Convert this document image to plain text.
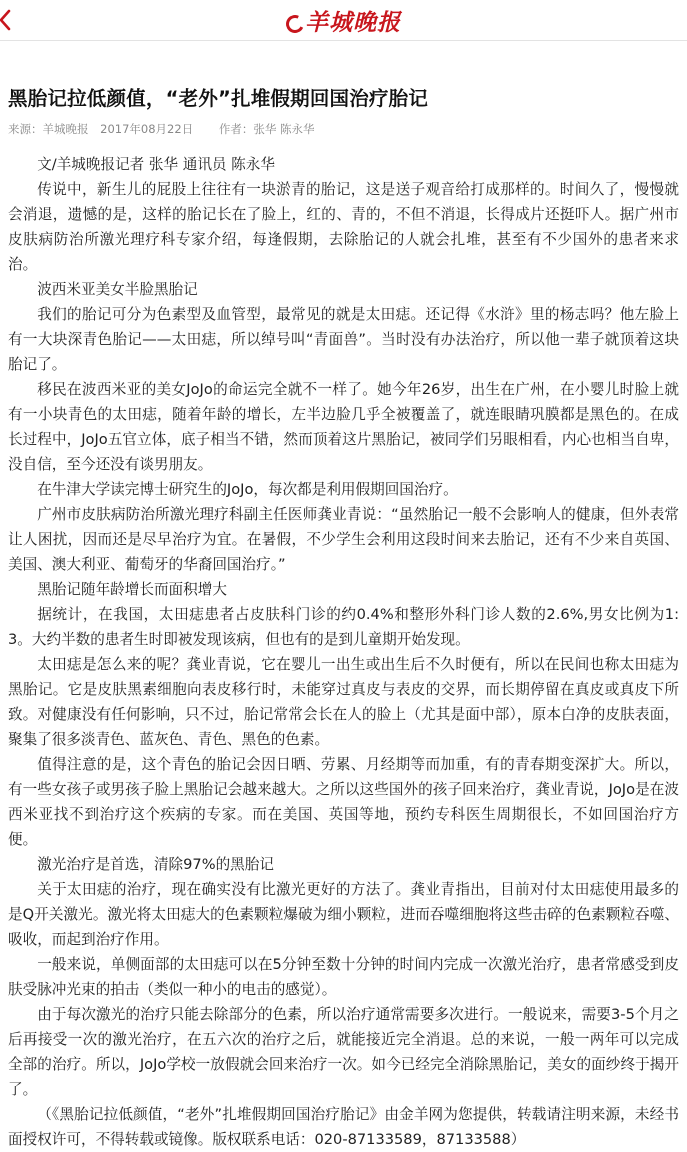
羊城晚报
黑胎记拉低颜值，“老外”扎堆假期回国治疗胎记
来源：羊城晚报 2017年08月22日 作者：张华 陈永华

文/羊城晚报记者 张华 通讯员 陈永华

传说中，新生儿的屁股上往往有一块淤青的胎记，这是送子观音给打成那样的。时间久了，慢慢就会消退，遗憾的是，这样的胎记长在了脸上，红的、青的，不但不消退，长得成片还挺吓人。据广州市皮肤病防治所激光理疗科专家介绍，每逢假期，去除胎记的人就会扎堆，甚至有不少国外的患者来求治。

波西米亚美女半脸黑胎记

我们的胎记可分为色素型及血管型，最常见的就是太田痣。还记得《水浒》里的杨志吗？他左脸上有一大块深青色胎记——太田痣，所以绰号叫“青面兽”。当时没有办法治疗，所以他一辈子就顶着这块胎记了。

移民在波西米亚的美女JoJo的命运完全就不一样了。她今年26岁，出生在广州，在小婴儿时脸上就有一小块青色的太田痣，随着年龄的增长，左半边脸几乎全被覆盖了，就连眼睛巩膜都是黑色的。在成长过程中，JoJo五官立体，底子相当不错，然而顶着这片黑胎记，被同学们另眼相看，内心也相当自卑，没自信，至今还没有谈男朋友。

在牛津大学读完博士研究生的JoJo，每次都是利用假期回国治疗。

广州市皮肤病防治所激光理疗科副主任医师龚业青说：“虽然胎记一般不会影响人的健康，但外表常让人困扰，因而还是尽早治疗为宜。在暑假，不少学生会利用这段时间来去胎记，还有不少来自英国、美国、澳大利亚、葡萄牙的华裔回国治疗。”

黑胎记随年龄增长而面积增大

据统计，在我国，太田痣患者占皮肤科门诊的约0.4%和整形外科门诊人数的2.6%,男女比例为1:3。大约半数的患者生时即被发现该病，但也有的是到儿童期开始发现。

太田痣是怎么来的呢？龚业青说，它在婴儿一出生或出生后不久时便有，所以在民间也称太田痣为黑胎记。它是皮肤黑素细胞向表皮移行时，未能穿过真皮与表皮的交界，而长期停留在真皮或真皮下所致。对健康没有任何影响，只不过，胎记常常会长在人的脸上（尤其是面中部），原本白净的皮肤表面，聚集了很多淡青色、蓝灰色、青色、黑色的色素。

值得注意的是，这个青色的胎记会因日晒、劳累、月经期等而加重，有的青春期变深扩大。所以，有一些女孩子或男孩子脸上黑胎记会越来越大。之所以这些国外的孩子回来治疗，龚业青说，JoJo是在波西米亚找不到治疗这个疾病的专家。而在美国、英国等地，预约专科医生周期很长，不如回国治疗方便。

激光治疗是首选，清除97%的黑胎记

关于太田痣的治疗，现在确实没有比激光更好的方法了。龚业青指出，目前对付太田痣使用最多的是Q开关激光。激光将太田痣大的色素颗粒爆破为细小颗粒，进而吞噬细胞将这些击碎的色素颗粒吞噬、吸收，而起到治疗作用。

一般来说，单侧面部的太田痣可以在5分钟至数十分钟的时间内完成一次激光治疗，患者常感受到皮肤受脉冲光束的拍击（类似一种小的电击的感觉）。

由于每次激光的治疗只能去除部分的色素，所以治疗通常需要多次进行。一般说来，需要3-5个月之后再接受一次的激光治疗，在五六次的治疗之后，就能接近完全消退。总的来说，一般一两年可以完成全部的治疗。所以，JoJo学校一放假就会回来治疗一次。如今已经完全消除黑胎记，美女的面纱终于揭开了。

（《黑胎记拉低颜值，“老外”扎堆假期回国治疗胎记》由金羊网为您提供，转载请注明来源，未经书面授权许可，不得转载或镜像。版权联系电话：020-87133589，87133588）
